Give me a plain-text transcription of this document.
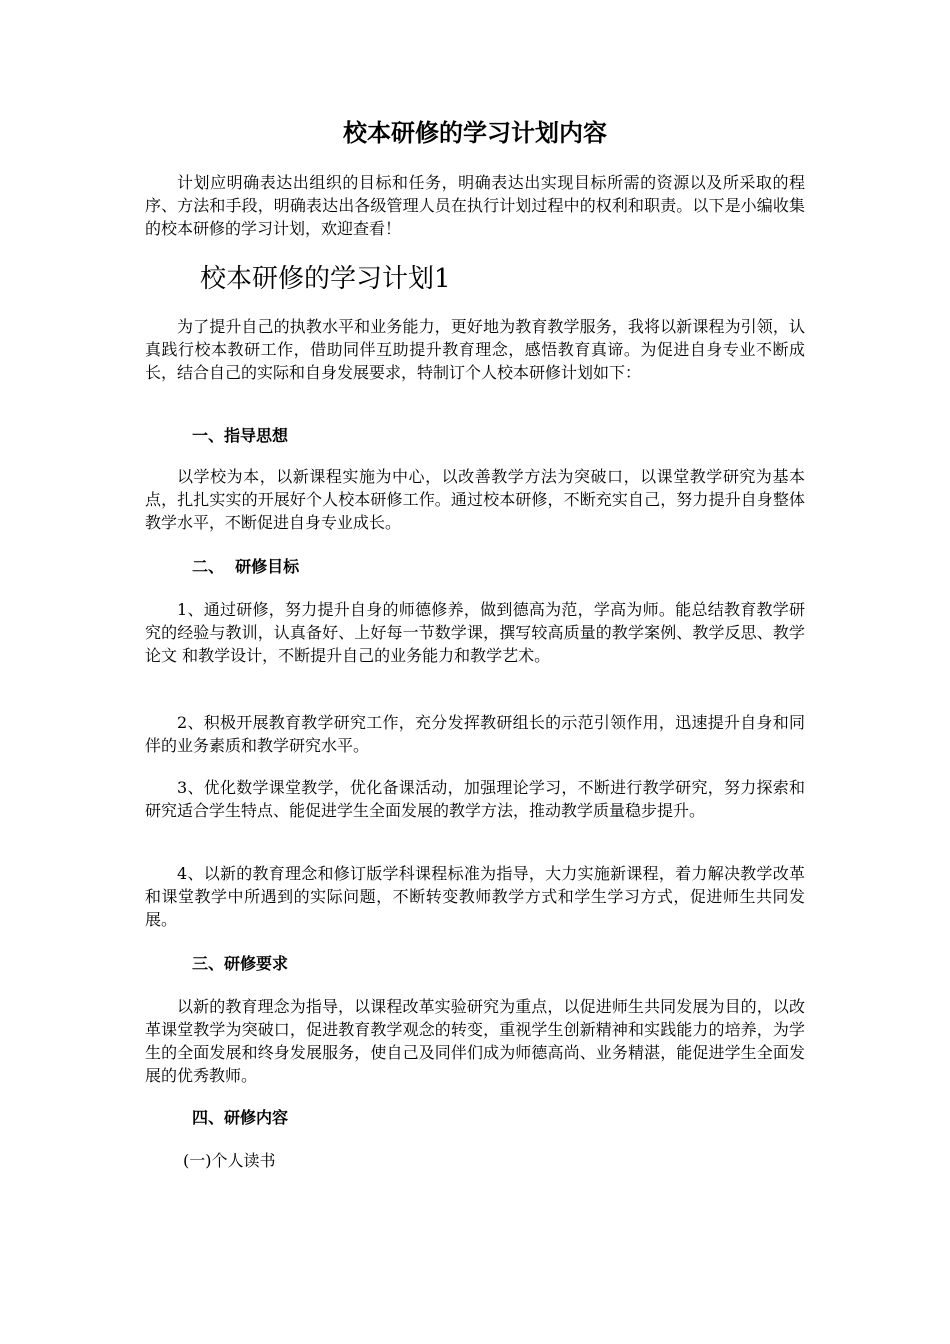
校本研修的学习计划内容

计划应明确表达出组织的目标和任务，明确表达出实现目标所需的资源以及所采取的程序、方法和手段，明确表达出各级管理人员在执行计划过程中的权利和职责。以下是小编收集的校本研修的学习计划，欢迎查看！

校本研修的学习计划1

为了提升自己的执教水平和业务能力，更好地为教育教学服务，我将以新课程为引领，认真践行校本教研工作，借助同伴互助提升教育理念，感悟教育真谛。为促进自身专业不断成长，结合自己的实际和自身发展要求，特制订个人校本研修计划如下：

一、指导思想

以学校为本，以新课程实施为中心，以改善教学方法为突破口，以课堂教学研究为基本点，扎扎实实的开展好个人校本研修工作。通过校本研修，不断充实自己，努力提升自身整体教学水平，不断促进自身专业成长。

二、  研修目标

1、通过研修，努力提升自身的师德修养，做到德高为范，学高为师。能总结教育教学研究的经验与教训，认真备好、上好每一节数学课，撰写较高质量的教学案例、教学反思、教学 论文 和教学设计，不断提升自己的业务能力和教学艺术。

2、积极开展教育教学研究工作，充分发挥教研组长的示范引领作用，迅速提升自身和同伴的业务素质和教学研究水平。

3、优化数学课堂教学，优化备课活动，加强理论学习，不断进行教学研究，努力探索和研究适合学生特点、能促进学生全面发展的教学方法，推动教学质量稳步提升。

4、以新的教育理念和修订版学科课程标准为指导，大力实施新课程，着力解决教学改革和课堂教学中所遇到的实际问题，不断转变教师教学方式和学生学习方式，促进师生共同发展。

三、研修要求

以新的教育理念为指导，以课程改革实验研究为重点，以促进师生共同发展为目的，以改革课堂教学为突破口，促进教育教学观念的转变，重视学生创新精神和实践能力的培养，为学生的全面发展和终身发展服务，使自己及同伴们成为师德高尚、业务精湛，能促进学生全面发展的优秀教师。

四、研修内容

(一)个人读书
